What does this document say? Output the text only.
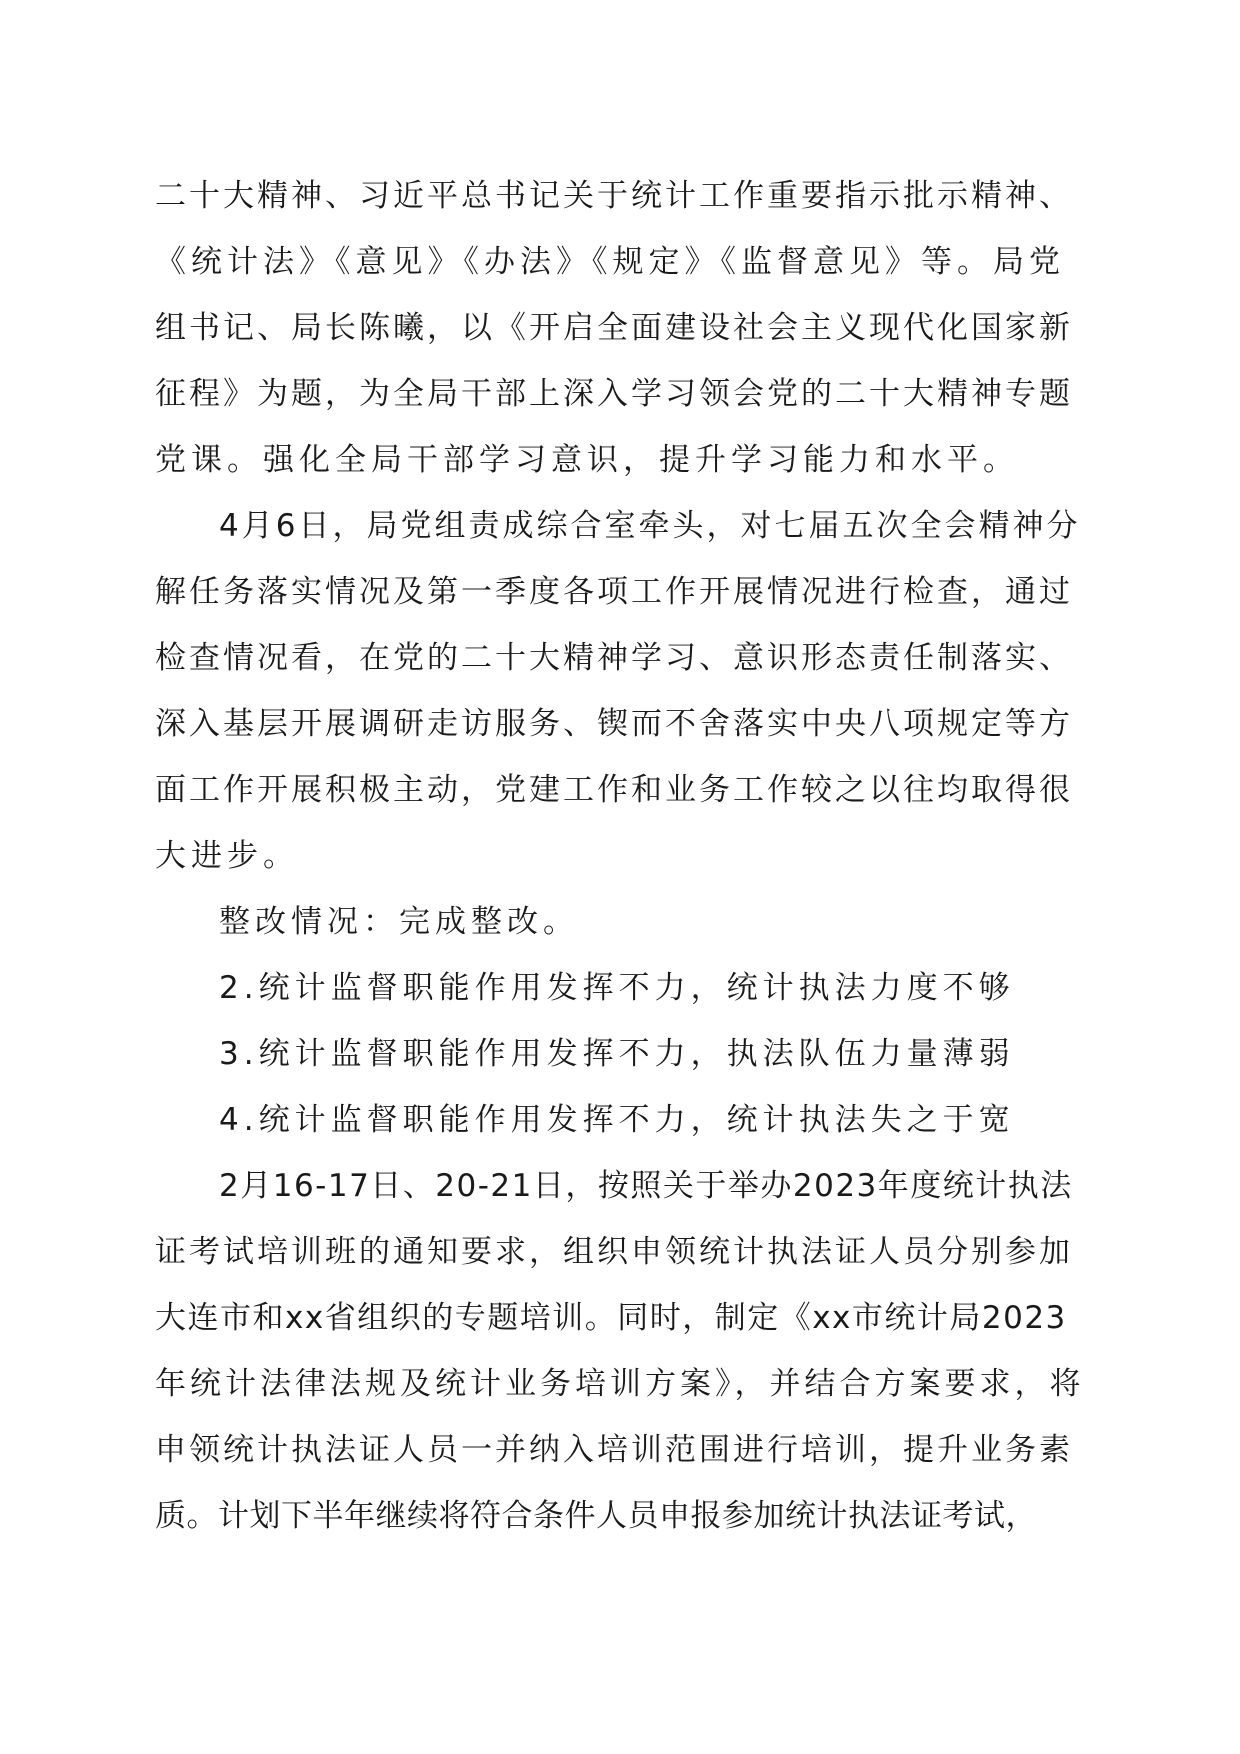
二十大精神、习近平总书记关于统计工作重要指示批示精神、
《统计法》《意见》《办法》《规定》《监督意见》等。局党
组书记、局长陈曦，以《开启全面建设社会主义现代化国家新
征程》为题，为全局干部上深入学习领会党的二十大精神专题
党课。强化全局干部学习意识，提升学习能力和水平。
4月6日，局党组责成综合室牵头，对七届五次全会精神分
解任务落实情况及第一季度各项工作开展情况进行检查，通过
检查情况看，在党的二十大精神学习、意识形态责任制落实、
深入基层开展调研走访服务、锲而不舍落实中央八项规定等方
面工作开展积极主动，党建工作和业务工作较之以往均取得很
大进步。
整改情况：完成整改。
2.统计监督职能作用发挥不力，统计执法力度不够
3.统计监督职能作用发挥不力，执法队伍力量薄弱
4.统计监督职能作用发挥不力，统计执法失之于宽
2月16-17日、20-21日，按照关于举办2023年度统计执法
证考试培训班的通知要求，组织申领统计执法证人员分别参加
大连市和xx省组织的专题培训。同时，制定《xx市统计局2023
年统计法律法规及统计业务培训方案》，并结合方案要求，将
申领统计执法证人员一并纳入培训范围进行培训，提升业务素
质。计划下半年继续将符合条件人员申报参加统计执法证考试，
